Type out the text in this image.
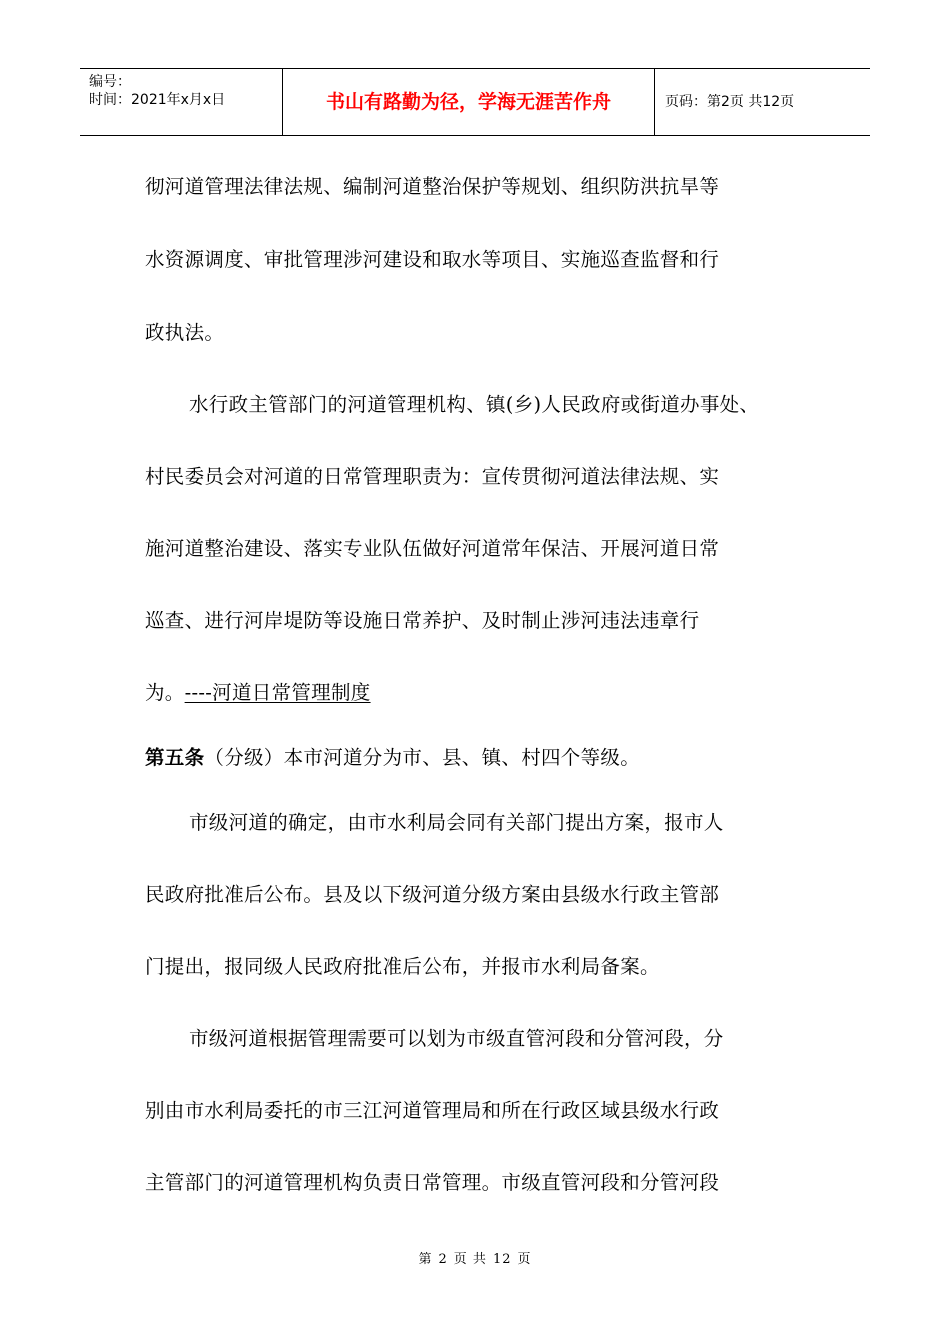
编号：
时间：2021年x月x日	书山有路勤为径，学海无涯苦作舟	页码：第2页 共12页
彻河道管理法律法规、编制河道整治保护等规划、组织防洪抗旱等
水资源调度、审批管理涉河建设和取水等项目、实施巡查监督和行
政执法。
水行政主管部门的河道管理机构、镇(乡)人民政府或街道办事处、
村民委员会对河道的日常管理职责为：宣传贯彻河道法律法规、实
施河道整治建设、落实专业队伍做好河道常年保洁、开展河道日常
巡查、进行河岸堤防等设施日常养护、及时制止涉河违法违章行
为。----河道日常管理制度
第五条（分级）本市河道分为市、县、镇、村四个等级。
市级河道的确定，由市水利局会同有关部门提出方案，报市人
民政府批准后公布。县及以下级河道分级方案由县级水行政主管部
门提出，报同级人民政府批准后公布，并报市水利局备案。
市级河道根据管理需要可以划为市级直管河段和分管河段，分
别由市水利局委托的市三江河道管理局和所在行政区域县级水行政
主管部门的河道管理机构负责日常管理。市级直管河段和分管河段
第 2 页 共 12 页
